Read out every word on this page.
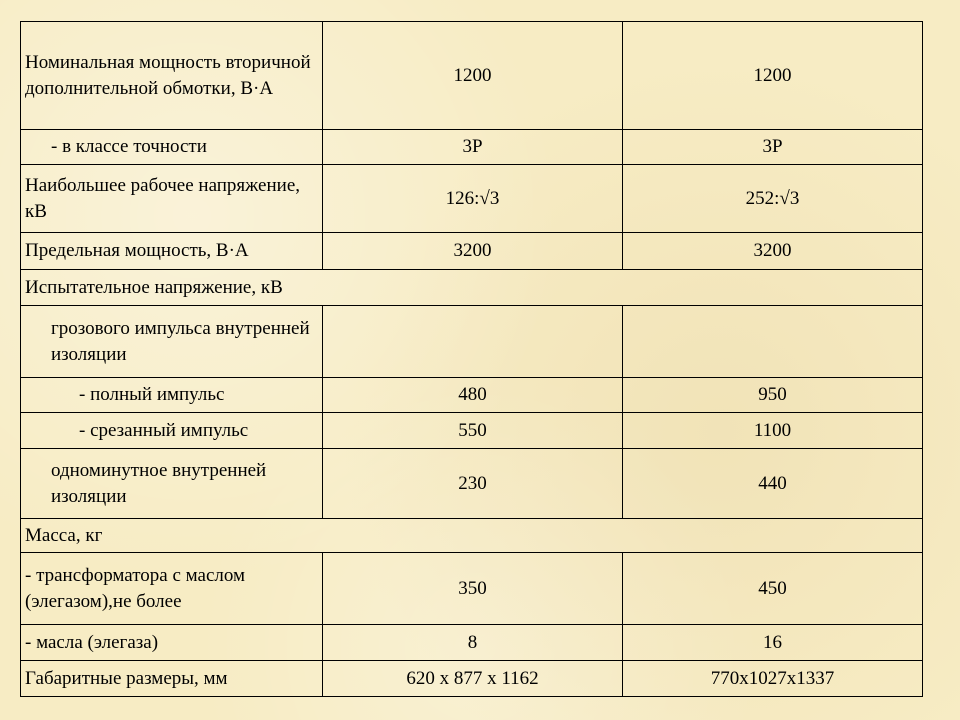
Номинальная мощность вторичной дополнительной обмотки, В·А	1200	1200
- в классе точности	3Р	3Р
Наибольшее рабочее напряжение, кВ	126:√3	252:√3
Предельная мощность, В·А	3200	3200
Испытательное напряжение, кВ		
грозового импульса внутренней изоляции		
- полный импульс	480	950
- срезанный импульс	550	1100
одноминутное внутренней изоляции	230	440
Масса, кг		
- трансформатора с маслом (элегазом),не более	350	450
- масла (элегаза)	8	16
Габаритные размеры, мм	620 х 877 х 1162	770х1027х1337
